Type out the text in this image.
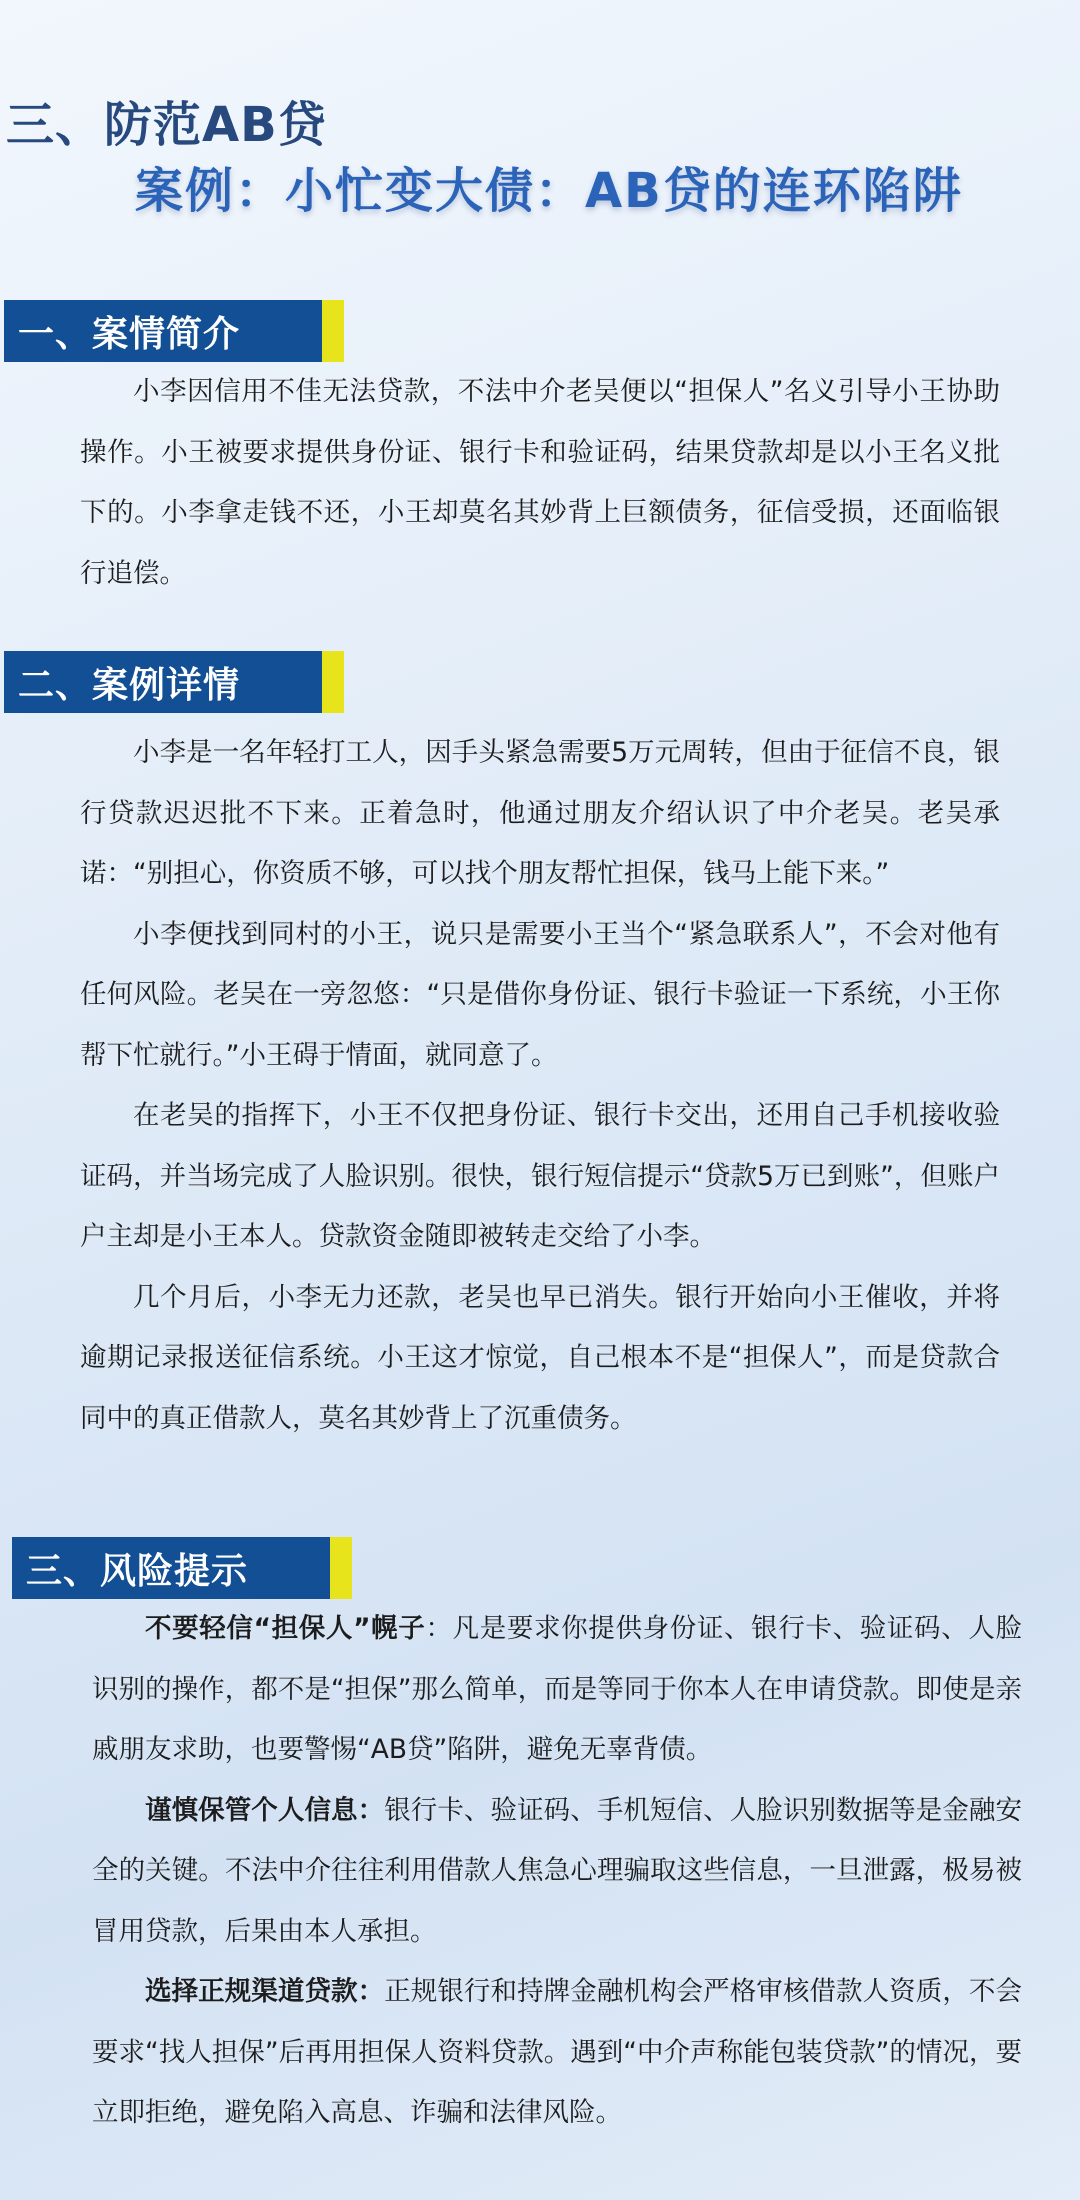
三、防范AB贷
案例：小忙变大债：AB贷的连环陷阱
一、案情简介

小李因信用不佳无法贷款，不法中介老吴便以“担保人”名义引导小王协助操作。小王被要求提供身份证、银行卡和验证码，结果贷款却是以小王名义批下的。小李拿走钱不还，小王却莫名其妙背上巨额债务，征信受损，还面临银行追偿。

二、案例详情

小李是一名年轻打工人，因手头紧急需要5万元周转，但由于征信不良，银行贷款迟迟批不下来。正着急时，他通过朋友介绍认识了中介老吴。老吴承诺：“别担心，你资质不够，可以找个朋友帮忙担保，钱马上能下来。”

小李便找到同村的小王，说只是需要小王当个“紧急联系人”，不会对他有任何风险。老吴在一旁忽悠：“只是借你身份证、银行卡验证一下系统，小王你帮下忙就行。”小王碍于情面，就同意了。

在老吴的指挥下，小王不仅把身份证、银行卡交出，还用自己手机接收验证码，并当场完成了人脸识别。很快，银行短信提示“贷款5万已到账”，但账户户主却是小王本人。贷款资金随即被转走交给了小李。

几个月后，小李无力还款，老吴也早已消失。银行开始向小王催收，并将逾期记录报送征信系统。小王这才惊觉，自己根本不是“担保人”，而是贷款合同中的真正借款人，莫名其妙背上了沉重债务。

三、风险提示

不要轻信“担保人”幌子：凡是要求你提供身份证、银行卡、验证码、人脸识别的操作，都不是“担保”那么简单，而是等同于你本人在申请贷款。即使是亲戚朋友求助，也要警惕“AB贷”陷阱，避免无辜背债。

谨慎保管个人信息：银行卡、验证码、手机短信、人脸识别数据等是金融安全的关键。不法中介往往利用借款人焦急心理骗取这些信息，一旦泄露，极易被冒用贷款，后果由本人承担。

选择正规渠道贷款：正规银行和持牌金融机构会严格审核借款人资质，不会要求“找人担保”后再用担保人资料贷款。遇到“中介声称能包装贷款”的情况，要立即拒绝，避免陷入高息、诈骗和法律风险。
